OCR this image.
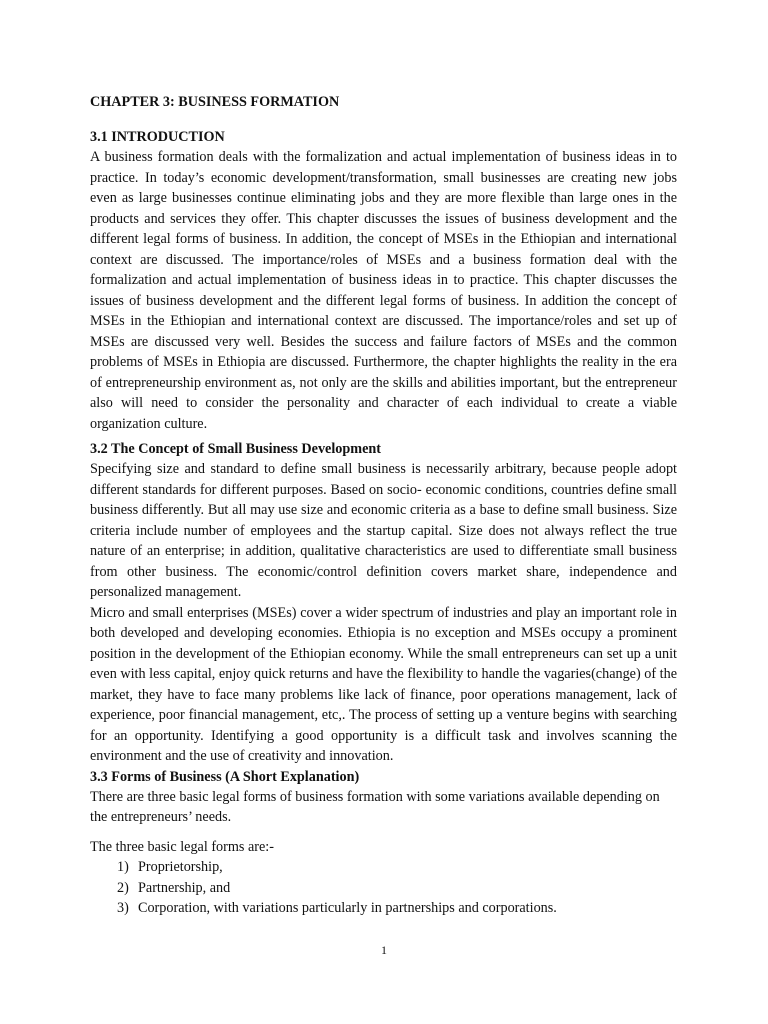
CHAPTER 3: BUSINESS FORMATION
3.1 INTRODUCTION

A business formation deals with the formalization and actual implementation of business ideas in to practice. In today’s economic development/transformation, small businesses are creating new jobs even as large businesses continue eliminating jobs and they are more flexible than large ones in the products and services they offer. This chapter discusses the issues of business development and the different legal forms of business. In addition, the concept of MSEs in the Ethiopian and international context are discussed. The importance/roles of MSEs and a business formation deal with the formalization and actual implementation of business ideas in to practice. This chapter discusses the issues of business development and the different legal forms of business. In addition the concept of MSEs in the Ethiopian and international context are discussed. The importance/roles and set up of MSEs are discussed very well. Besides the success and failure factors of MSEs and the common problems of MSEs in Ethiopia are discussed. Furthermore, the chapter highlights the reality in the era of entrepreneurship environment as, not only are the skills and abilities important, but the entrepreneur also will need to consider the personality and character of each individual to create a viable organization culture.

3.2 The Concept of Small Business Development

Specifying size and standard to define small business is necessarily arbitrary, because people adopt different standards for different purposes. Based on socio- economic conditions, countries define small business differently. But all may use size and economic criteria as a base to define small business. Size criteria include number of employees and the startup capital. Size does not always reflect the true nature of an enterprise; in addition, qualitative characteristics are used to differentiate small business from other business. The economic/control definition covers market share, independence and personalized management.

Micro and small enterprises (MSEs) cover a wider spectrum of industries and play an important role in both developed and developing economies. Ethiopia is no exception and MSEs occupy a prominent position in the development of the Ethiopian economy. While the small entrepreneurs can set up a unit even with less capital, enjoy quick returns and have the flexibility to handle the vagaries(change) of the market, they have to face many problems like lack of finance, poor operations management, lack of experience, poor financial management, etc,. The process of setting up a venture begins with searching for an opportunity. Identifying a good opportunity is a difficult task and involves scanning the environment and the use of creativity and innovation.

3.3 Forms of Business (A Short Explanation)

There are three basic legal forms of business formation with some variations available depending on the entrepreneurs’ needs.

The three basic legal forms are:-

1) Proprietorship,
2) Partnership, and
3) Corporation, with variations particularly in partnerships and corporations.
1
